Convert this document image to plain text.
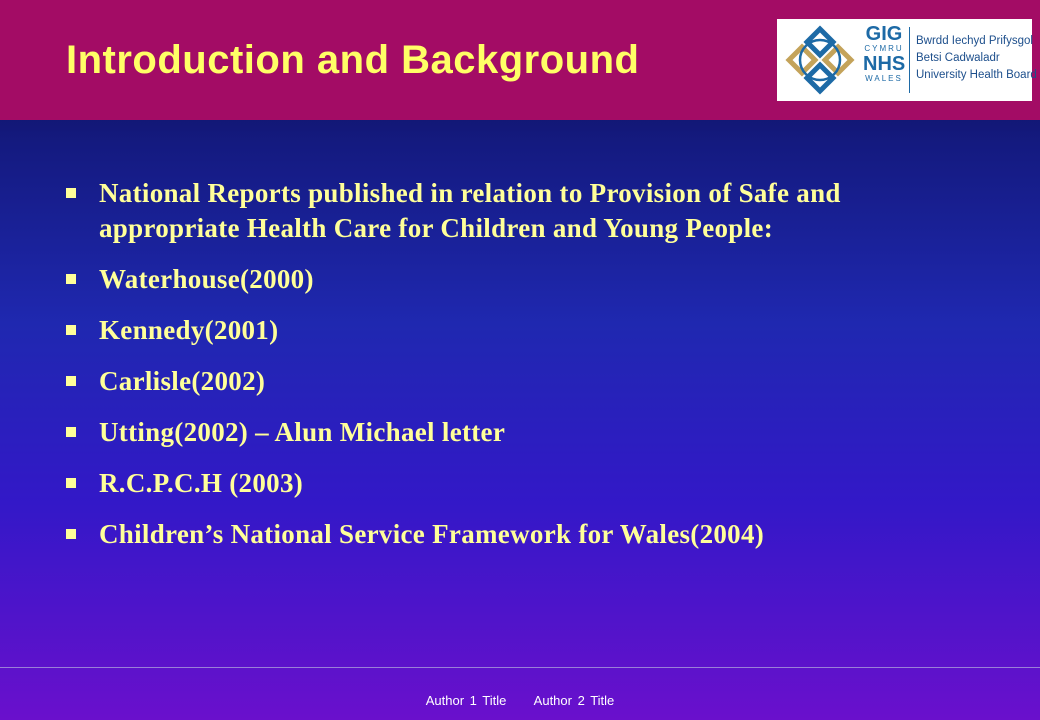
Introduction and Background
GIG
CYMRU
NHS
WALES
Bwrdd Iechyd Prifysgol
Betsi Cadwaladr
University Health Board
National Reports published in relation to Provision of Safe and appropriate Health Care for Children and Young People:
Waterhouse(2000)
Kennedy(2001)
Carlisle(2002)
Utting(2002) – Alun Michael letter
R.C.P.C.H (2003)
Children’s National Service Framework for Wales(2004)
Author 1 Title Author 2 Title
